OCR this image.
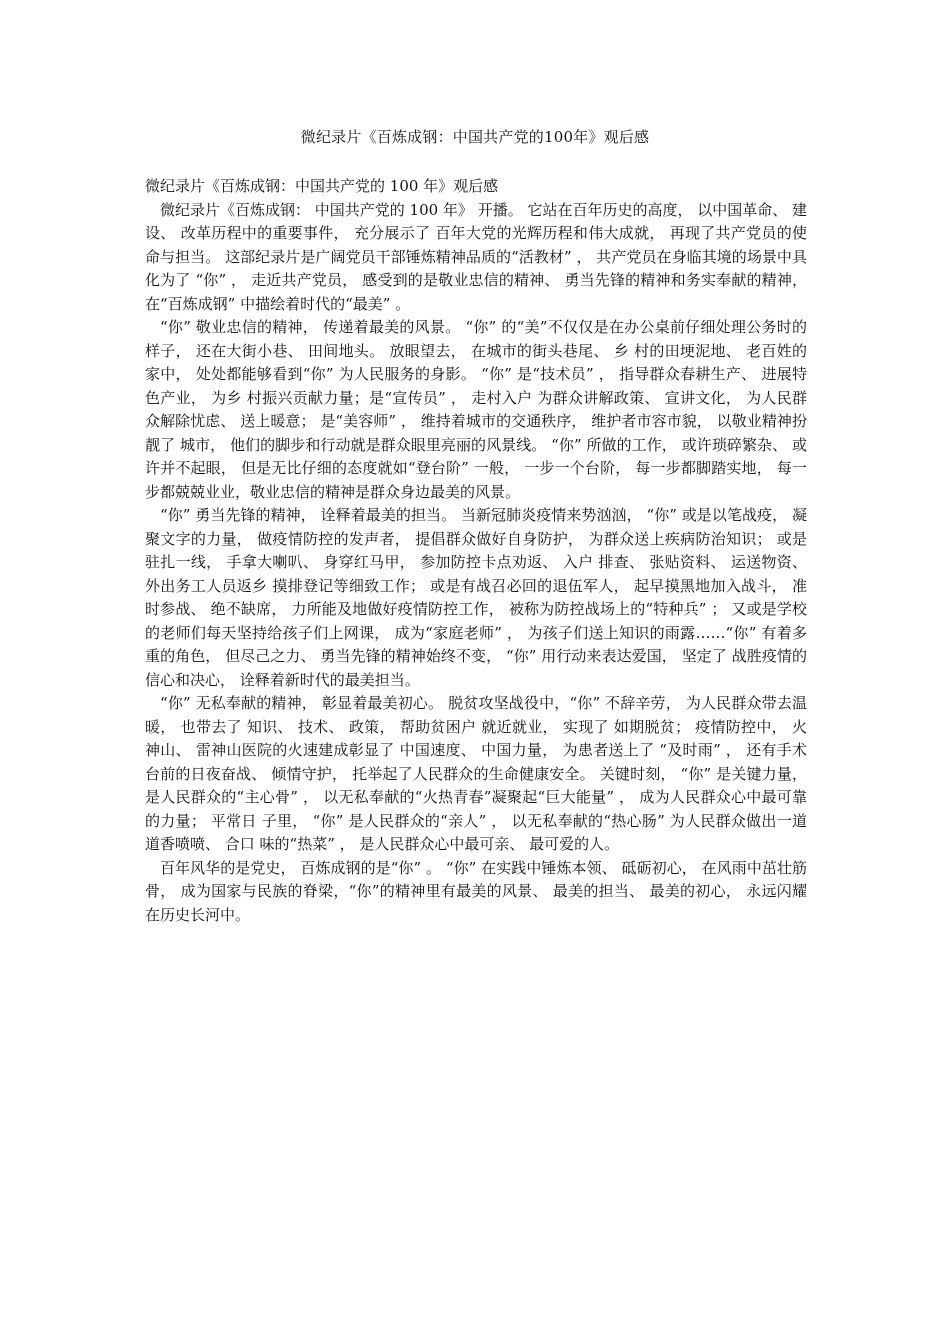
微纪录片《百炼成钢：中国共产党的100年》观后感

微纪录片《百炼成钢：中国共产党的 100 年》观后感

微纪录片《百炼成钢： 中国共产党的 100 年》 开播。 它站在百年历史的高度， 以中国革命、 建设、 改革历程中的重要事件， 充分展示了 百年大党的光辉历程和伟大成就， 再现了共产党员的使命与担当。 这部纪录片是广阔党员干部锤炼精神品质的“活教材” ， 共产党员在身临其境的场景中具化为了 “你” ， 走近共产党员， 感受到的是敬业忠信的精神、 勇当先锋的精神和务实奉献的精神， 在“百炼成钢” 中描绘着时代的“最美” 。

“你” 敬业忠信的精神， 传递着最美的风景。 “你” 的“美”不仅仅是在办公桌前仔细处理公务时的样子， 还在大街小巷、 田间地头。 放眼望去， 在城市的街头巷尾、 乡 村的田埂泥地、 老百姓的家中， 处处都能够看到“你” 为人民服务的身影。 “你” 是“技术员” ， 指导群众春耕生产、 进展特色产业， 为乡 村振兴贡献力量；是“宣传员” ， 走村入户 为群众讲解政策、 宣讲文化， 为人民群众解除忧虑、 送上暖意； 是“美容师” ， 维持着城市的交通秩序， 维护者市容市貌， 以敬业精神扮靓了 城市， 他们的脚步和行动就是群众眼里亮丽的风景线。 “你” 所做的工作， 或许琐碎繁杂、 或许并不起眼， 但是无比仔细的态度就如“登台阶” 一般， 一步一个台阶， 每一步都脚踏实地， 每一步都兢兢业业，敬业忠信的精神是群众身边最美的风景。

“你” 勇当先锋的精神， 诠释着最美的担当。 当新冠肺炎疫情来势汹汹， “你” 或是以笔战疫， 凝聚文字的力量， 做疫情防控的发声者， 提倡群众做好自身防护， 为群众送上疾病防治知识； 或是驻扎一线， 手拿大喇叭、 身穿红马甲， 参加防控卡点劝返、 入户 排查、 张贴资料、 运送物资、 外出务工人员返乡 摸排登记等细致工作； 或是有战召必回的退伍军人， 起早摸黑地加入战斗， 准时参战、 绝不缺席， 力所能及地做好疫情防控工作， 被称为防控战场上的“特种兵” ； 又或是学校的老师们每天坚持给孩子们上网课， 成为“家庭老师” ， 为孩子们送上知识的雨露……“你” 有着多重的角色， 但尽己之力、 勇当先锋的精神始终不变， “你” 用行动来表达爱国， 坚定了 战胜疫情的信心和决心， 诠释着新时代的最美担当。

“你” 无私奉献的精神， 彰显着最美初心。 脱贫攻坚战役中，“你” 不辞辛劳， 为人民群众带去温暖， 也带去了 知识、 技术、 政策， 帮助贫困户 就近就业， 实现了 如期脱贫； 疫情防控中， 火神山、 雷神山医院的火速建成彰显了 中国速度、 中国力量， 为患者送上了 “及时雨” ， 还有手术台前的日夜奋战、 倾情守护， 托举起了人民群众的生命健康安全。 关键时刻， “你” 是关键力量， 是人民群众的“主心骨” ， 以无私奉献的“火热青春”凝聚起“巨大能量” ， 成为人民群众心中最可靠的力量； 平常日 子里， “你” 是人民群众的“亲人” ， 以无私奉献的“热心肠” 为人民群众做出一道道香喷喷、 合口 味的“热菜” ， 是人民群众心中最可亲、 最可爱的人。

百年风华的是党史， 百炼成钢的是“你” 。 “你” 在实践中锤炼本领、 砥砺初心， 在风雨中茁壮筋骨， 成为国家与民族的脊梁，“你”的精神里有最美的风景、 最美的担当、 最美的初心， 永远闪耀在历史长河中。
